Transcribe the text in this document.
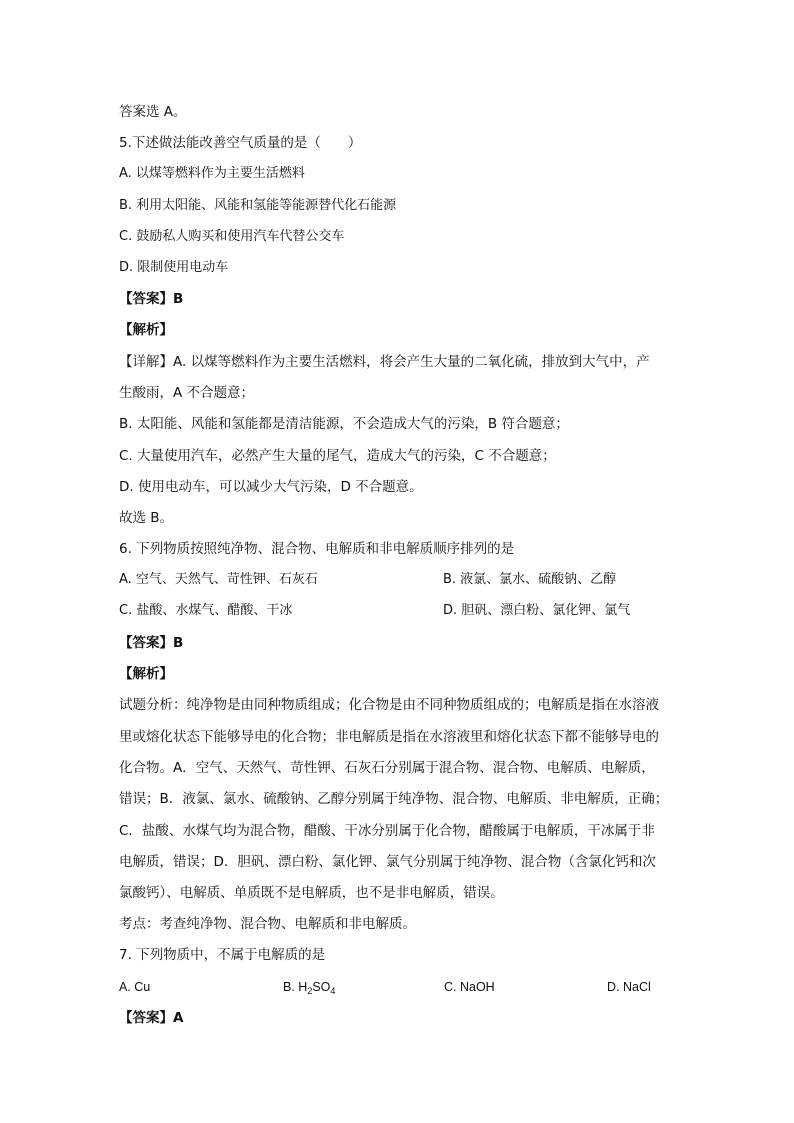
答案选 A。
5.下述做法能改善空气质量的是（　　）
A. 以煤等燃料作为主要生活燃料
B. 利用太阳能、风能和氢能等能源替代化石能源
C. 鼓励私人购买和使用汽车代替公交车
D. 限制使用电动车
【答案】B
【解析】
【详解】A. 以煤等燃料作为主要生活燃料，将会产生大量的二氧化硫，排放到大气中，产
生酸雨，A 不合题意；
B. 太阳能、风能和氢能都是清洁能源，不会造成大气的污染，B 符合题意；
C. 大量使用汽车，必然产生大量的尾气，造成大气的污染，C 不合题意；
D. 使用电动车，可以减少大气污染，D 不合题意。
故选 B。
6. 下列物质按照纯净物、混合物、电解质和非电解质顺序排列的是
A. 空气、天然气、苛性钾、石灰石	B. 液氯、氯水、硫酸钠、乙醇
C. 盐酸、水煤气、醋酸、干冰	D. 胆矾、漂白粉、氯化钾、氯气
【答案】B
【解析】
试题分析：纯净物是由同种物质组成；化合物是由不同种物质组成的；电解质是指在水溶液
里或熔化状态下能够导电的化合物；非电解质是指在水溶液里和熔化状态下都不能够导电的
化合物。A．空气、天然气、苛性钾、石灰石分别属于混合物、混合物、电解质、电解质，
错误；B．液氯、氯水、硫酸钠、乙醇分别属于纯净物、混合物、电解质、非电解质，正确；
C．盐酸、水煤气均为混合物，醋酸、干冰分别属于化合物，醋酸属于电解质，干冰属于非
电解质，错误；D．胆矾、漂白粉、氯化钾、氯气分别属于纯净物、混合物（含氯化钙和次
氯酸钙）、电解质、单质既不是电解质，也不是非电解质，错误。
考点：考查纯净物、混合物、电解质和非电解质。
7. 下列物质中，不属于电解质的是
A. Cu	B. $H_2SO_4$	C. NaOH	D. NaCl
【答案】A
